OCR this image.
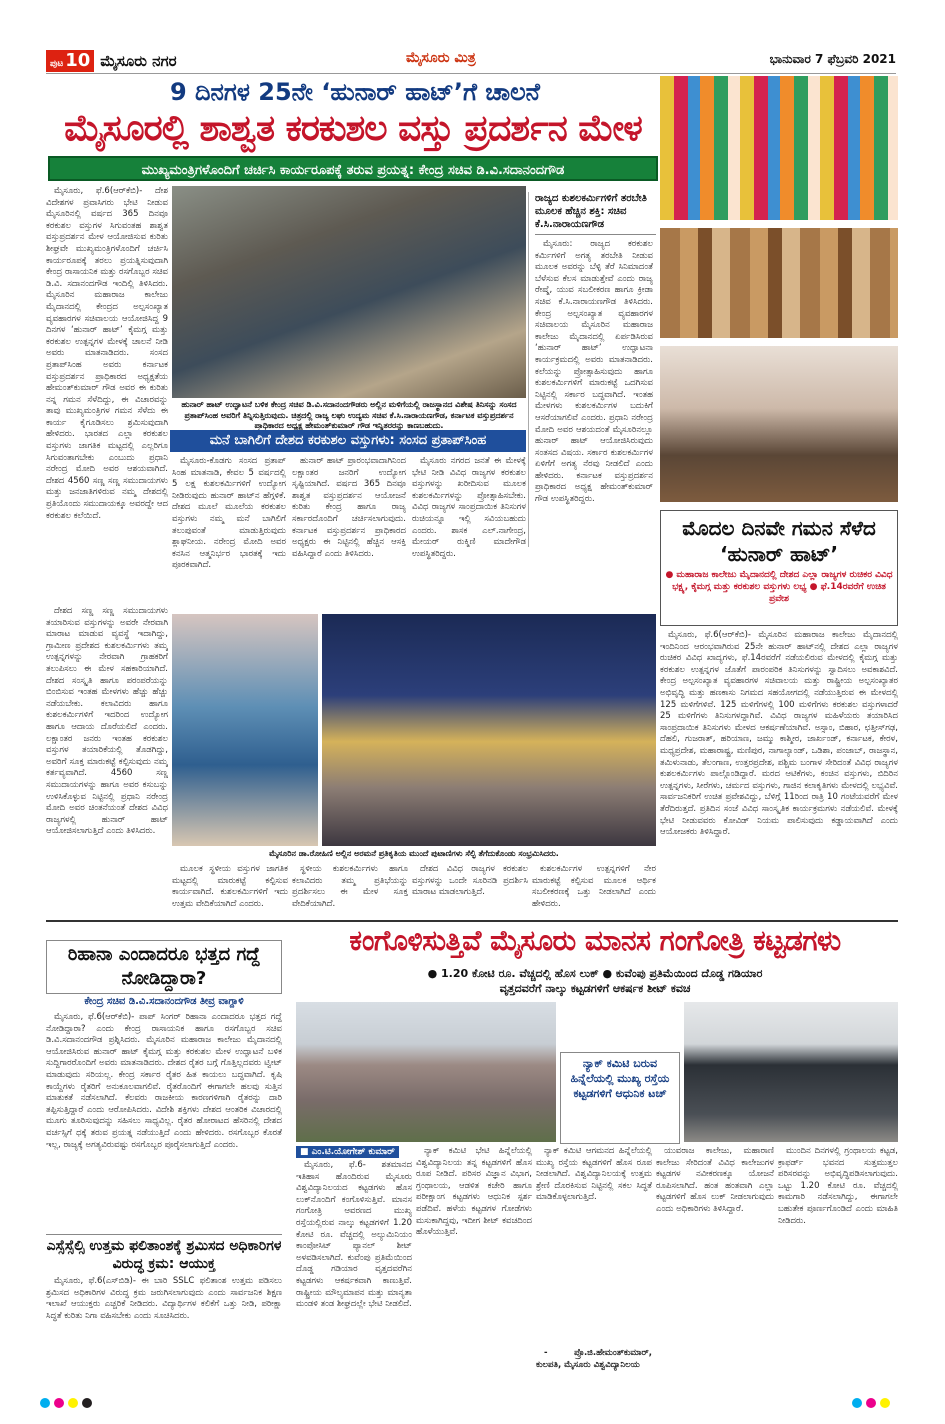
ಪುಟ 10 ಮೈಸೂರು ನಗರ	ಮೈಸೂರು ಮಿತ್ರ	ಭಾನುವಾರ 7 ಫೆಬ್ರವರಿ 2021
9 ದಿನಗಳ 25ನೇ ‘ಹುನಾರ್ ಹಾಟ್’ಗೆ ಚಾಲನೆ
ಮೈಸೂರಲ್ಲಿ ಶಾಶ್ವತ ಕರಕುಶಲ ವಸ್ತು ಪ್ರದರ್ಶನ ಮೇಳ
ಮುಖ್ಯಮಂತ್ರಿಗಳೊಂದಿಗೆ ಚರ್ಚಿಸಿ ಕಾರ್ಯರೂಪಕ್ಕೆ ತರುವ ಪ್ರಯತ್ನ: ಕೇಂದ್ರ ಸಚಿವ ಡಿ.ವಿ.ಸದಾನಂದಗೌಡ

ಮೈಸೂರು, ಫೆ.6(ಆರ್‌ಕೆಬಿ)- ದೇಶ ವಿದೇಶಗಳ ಪ್ರವಾಸಿಗರು ಭೇಟಿ ನೀಡುವ ಮೈಸೂರಿನಲ್ಲಿ ವರ್ಷದ 365 ದಿನವೂ ಕರಕುಶಲ ವಸ್ತುಗಳ ಸಿಗುವಂತಹ ಶಾಶ್ವತ ವಸ್ತುಪ್ರದರ್ಶನ ಮೇಳ ಆಯೋಜಿಸುವ ಕುರಿತು ಶೀಘ್ರವೇ ಮುಖ್ಯಮಂತ್ರಿಗಳೊಂದಿಗೆ ಚರ್ಚಿಸಿ ಕಾರ್ಯರೂಪಕ್ಕೆ ತರಲು ಪ್ರಯತ್ನಿಸುವುದಾಗಿ ಕೇಂದ್ರ ರಾಸಾಯನಿಕ ಮತ್ತು ರಸಗೊಬ್ಬರ ಸಚಿವ ಡಿ.ವಿ. ಸದಾನಂದಗೌಡ ಇಂದಿಲ್ಲಿ ತಿಳಿಸಿದರು. ಮೈಸೂರಿನ ಮಹಾರಾಜ ಕಾಲೇಜು ಮೈದಾನದಲ್ಲಿ ಕೇಂದ್ರದ ಅಲ್ಪಸಂಖ್ಯಾತ ವ್ಯವಹಾರಗಳ ಸಚಿವಾಲಯ ಆಯೋಜಿಸಿದ್ದ 9 ದಿನಗಳ ‘ಹುನಾರ್ ಹಾಟ್’ ಕೈಮಗ್ಗ ಮತ್ತು ಕರಕುಶಲ ಉತ್ಪನ್ನಗಳ ಮೇಳಕ್ಕೆ ಚಾಲನೆ ನೀಡಿ ಅವರು ಮಾತನಾಡಿದರು. ಸಂಸದ ಪ್ರತಾಪ್‌ಸಿಂಹ ಅವರು ಕರ್ನಾಟಕ ವಸ್ತುಪ್ರದರ್ಶನ ಪ್ರಾಧಿಕಾರದ ಅಧ್ಯಕ್ಷತೆಯ ಹೇಮಂತ್‌ಕುಮಾರ್ ಗೌಡ ಅವರ ಈ ಕುರಿತು ನನ್ನ ಗಮನ ಸೆಳೆದಿದ್ದು, ಈ ವಿಚಾರವನ್ನು ತಾವು ಮುಖ್ಯಮಂತ್ರಿಗಳ ಗಮನ ಸೆಳೆದು ಈ ಕಾರ್ಯ ಕೈಗೂಡಿಸಲು ಶ್ರಮಿಸುವುದಾಗಿ ಹೇಳಿದರು. ಭಾರತದ ಎಲ್ಲಾ ಕರಕುಶಲ ವಸ್ತುಗಳು ಜಾಗತಿಕ ಮಟ್ಟದಲ್ಲಿ ಎಲ್ಲರಿಗೂ ಸಿಗುವಂತಾಗಬೇಕು ಎಂಬುದು ಪ್ರಧಾನಿ ನರೇಂದ್ರ ಮೋದಿ ಅವರ ಆಶಯವಾಗಿದೆ. ದೇಶದ 4560 ಸಣ್ಣ ಸಣ್ಣ ಸಮುದಾಯಗಳು ಮತ್ತು ಜನಜಾತಿಗಳಿರುವ ನಮ್ಮ ದೇಶದಲ್ಲಿ ಪ್ರತಿಯೊಂದು ಸಮುದಾಯಕ್ಕೂ ಅವರದ್ದೇ ಆದ ಕರಕುಶಲ ಕಲೆಯಿದೆ.

ದೇಶದ ಸಣ್ಣ ಸಣ್ಣ ಸಮುದಾಯಗಳು ತಯಾರಿಸುವ ವಸ್ತುಗಳನ್ನು ಅವರೇ ನೇರವಾಗಿ ಮಾರಾಟ ಮಾಡುವ ವ್ಯವಸ್ಥೆ ಇದಾಗಿದ್ದು, ಗ್ರಾಮೀಣ ಪ್ರದೇಶದ ಕುಶಲಕರ್ಮಿಗಳು ತಮ್ಮ ಉತ್ಪನ್ನಗಳನ್ನು ನೇರವಾಗಿ ಗ್ರಾಹಕರಿಗೆ ತಲುಪಿಸಲು ಈ ಮೇಳ ಸಹಕಾರಿಯಾಗಿದೆ. ದೇಶದ ಸಂಸ್ಕೃತಿ ಹಾಗೂ ಪರಂಪರೆಯನ್ನು ಬಿಂಬಿಸುವ ಇಂತಹ ಮೇಳಗಳು ಹೆಚ್ಚು ಹೆಚ್ಚು ನಡೆಯಬೇಕು. ಕಲಾವಿದರು ಹಾಗೂ ಕುಶಲಕರ್ಮಿಗಳಿಗೆ ಇದರಿಂದ ಉದ್ಯೋಗ ಹಾಗೂ ಆದಾಯ ದೊರೆಯಲಿದೆ ಎಂದರು. ಲಕ್ಷಾಂತರ ಜನರು ಇಂತಹ ಕರಕುಶಲ ವಸ್ತುಗಳ ತಯಾರಿಕೆಯಲ್ಲಿ ತೊಡಗಿದ್ದು, ಅವರಿಗೆ ಸೂಕ್ತ ಮಾರುಕಟ್ಟೆ ಕಲ್ಪಿಸುವುದು ನಮ್ಮ ಕರ್ತವ್ಯವಾಗಿದೆ. 4560 ಸಣ್ಣ ಸಮುದಾಯಗಳನ್ನು ಹಾಗೂ ಅವರ ಕಸುಬನ್ನು ಉಳಿಸಿಕೊಳ್ಳುವ ನಿಟ್ಟಿನಲ್ಲಿ ಪ್ರಧಾನಿ ನರೇಂದ್ರ ಮೋದಿ ಅವರ ಚಿಂತನೆಯಂತೆ ದೇಶದ ವಿವಿಧ ರಾಜ್ಯಗಳಲ್ಲಿ ಹುನಾರ್ ಹಾಟ್ ಆಯೋಜಿಸಲಾಗುತ್ತಿದೆ ಎಂದು ತಿಳಿಸಿದರು.

ಹುನಾರ್ ಹಾಟ್ ಉದ್ಘಾಟನೆ ಬಳಿಕ ಕೇಂದ್ರ ಸಚಿವ ಡಿ.ವಿ.ಸದಾನಂದಗೌಡರು ಅಲ್ಲಿನ ಮಳಿಗೆಯಲ್ಲಿ ರಾಜಸ್ಥಾನದ ವಿಶೇಷ ತಿನಿಸನ್ನು ಸಂಸದ ಪ್ರತಾಪ್‌ಸಿಂಹ ಅವರಿಗೆ ತಿನ್ನಿಸುತ್ತಿರುವುದು. ಚಿತ್ರದಲ್ಲಿ ರಾಜ್ಯ ಲಘು ಉದ್ಯಮ ಸಚಿವ ಕೆ.ಸಿ.ನಾರಾಯಣಗೌಡ, ಕರ್ನಾಟಕ ವಸ್ತುಪ್ರದರ್ಶನ ಪ್ರಾಧಿಕಾರದ ಅಧ್ಯಕ್ಷ ಹೇಮಂತ್‌ಕುಮಾರ್ ಗೌಡ ಇನ್ನಿತರರನ್ನು ಕಾಣಬಹುದು.
ರಾಜ್ಯದ ಕುಶಲಕರ್ಮಿಗಳಿಗೆ ತರಬೇತಿ ಮೂಲಕ ಹೆಚ್ಚಿನ ಶಕ್ತಿ: ಸಚಿವ ಕೆ.ಸಿ.ನಾರಾಯಣಗೌಡ

ಮೈಸೂರು: ರಾಜ್ಯದ ಕರಕುಶಲ ಕರ್ಮಿಗಳಿಗೆ ಅಗತ್ಯ ತರಬೇತಿ ನೀಡುವ ಮೂಲಕ ಅವರನ್ನು ಬೆಳ್ಳಿ ತೆರೆ ಸಿನಿಮಾದಂತೆ ಬೆಳೆಸುವ ಕೆಲಸ ಮಾಡುತ್ತೇವೆ ಎಂದು ರಾಜ್ಯ ರೇಷ್ಮೆ, ಯುವ ಸಬಲೀಕರಣ ಹಾಗೂ ಕ್ರೀಡಾ ಸಚಿವ ಕೆ.ಸಿ.ನಾರಾಯಣಗೌಡ ತಿಳಿಸಿದರು. ಕೇಂದ್ರ ಅಲ್ಪಸಂಖ್ಯಾತ ವ್ಯವಹಾರಗಳ ಸಚಿವಾಲಯ ಮೈಸೂರಿನ ಮಹಾರಾಜ ಕಾಲೇಜು ಮೈದಾನದಲ್ಲಿ ಏರ್ಪಡಿಸಿರುವ ‘ಹುನಾರ್ ಹಾಟ್’ ಉದ್ಘಾಟನಾ ಕಾರ್ಯಕ್ರಮದಲ್ಲಿ ಅವರು ಮಾತನಾಡಿದರು. ಕಲೆಯನ್ನು ಪ್ರೋತ್ಸಾಹಿಸುವುದು ಹಾಗೂ ಕುಶಲಕರ್ಮಿಗಳಿಗೆ ಮಾರುಕಟ್ಟೆ ಒದಗಿಸುವ ನಿಟ್ಟಿನಲ್ಲಿ ಸರ್ಕಾರ ಬದ್ಧವಾಗಿದೆ. ಇಂತಹ ಮೇಳಗಳು ಕುಶಲಕರ್ಮಿಗಳ ಬದುಕಿಗೆ ಆಸರೆಯಾಗಲಿವೆ ಎಂದರು. ಪ್ರಧಾನಿ ನರೇಂದ್ರ ಮೋದಿ ಅವರ ಆಶಯದಂತೆ ಮೈಸೂರಿನಲ್ಲೂ ಹುನಾರ್ ಹಾಟ್ ಆಯೋಜಿಸಿರುವುದು ಸಂತಸದ ವಿಷಯ. ಸರ್ಕಾರ ಕುಶಲಕರ್ಮಿಗಳ ಏಳಿಗೆಗೆ ಅಗತ್ಯ ನೆರವು ನೀಡಲಿದೆ ಎಂದು ಹೇಳಿದರು. ಕರ್ನಾಟಕ ವಸ್ತುಪ್ರದರ್ಶನ ಪ್ರಾಧಿಕಾರದ ಅಧ್ಯಕ್ಷ ಹೇಮಂತ್‌ಕುಮಾರ್ ಗೌಡ ಉಪಸ್ಥಿತರಿದ್ದರು.

ಮನೆ ಬಾಗಿಲಿಗೆ ದೇಶದ ಕರಕುಶಲ ವಸ್ತುಗಳು: ಸಂಸದ ಪ್ರತಾಪ್‌ಸಿಂಹ

ಮೈಸೂರು-ಕೊಡಗು ಸಂಸದ ಪ್ರತಾಪ್ ಸಿಂಹ ಮಾತನಾಡಿ, ಕೇವಲ 5 ವರ್ಷದಲ್ಲಿ 5 ಲಕ್ಷ ಕುಶಲಕರ್ಮಿಗಳಿಗೆ ಉದ್ಯೋಗ ನೀಡಿರುವುದು ಹುನಾರ್ ಹಾಟ್‌ನ ಹೆಗ್ಗಳಿಕೆ. ದೇಶದ ಮೂಲೆ ಮೂಲೆಯ ಕರಕುಶಲ ವಸ್ತುಗಳು ನಮ್ಮ ಮನೆ ಬಾಗಿಲಿಗೆ ತಲುಪುವಂತೆ ಮಾಡುತ್ತಿರುವುದು ಶ್ಲಾಘನೀಯ. ನರೇಂದ್ರ ಮೋದಿ ಅವರ ಕನಸಿನ ಆತ್ಮನಿರ್ಭರ ಭಾರತಕ್ಕೆ ಇದು ಪೂರಕವಾಗಿದೆ.

ಹುನಾರ್ ಹಾಟ್ ಪ್ರಾರಂಭವಾದಾಗಿನಿಂದ ಲಕ್ಷಾಂತರ ಜನರಿಗೆ ಉದ್ಯೋಗ ಸೃಷ್ಟಿಯಾಗಿದೆ. ವರ್ಷದ 365 ದಿನವೂ ಶಾಶ್ವತ ವಸ್ತುಪ್ರದರ್ಶನ ಆಯೋಜನೆ ಕುರಿತು ಕೇಂದ್ರ ಹಾಗೂ ರಾಜ್ಯ ಸರ್ಕಾರದೊಂದಿಗೆ ಚರ್ಚಿಸಲಾಗುವುದು. ಕರ್ನಾಟಕ ವಸ್ತುಪ್ರದರ್ಶನ ಪ್ರಾಧಿಕಾರದ ಅಧ್ಯಕ್ಷರು ಈ ನಿಟ್ಟಿನಲ್ಲಿ ಹೆಚ್ಚಿನ ಆಸಕ್ತಿ ವಹಿಸಿದ್ದಾರೆ ಎಂದು ತಿಳಿಸಿದರು.

ಮೈಸೂರು ನಗರದ ಜನತೆ ಈ ಮೇಳಕ್ಕೆ ಭೇಟಿ ನೀಡಿ ವಿವಿಧ ರಾಜ್ಯಗಳ ಕರಕುಶಲ ವಸ್ತುಗಳನ್ನು ಖರೀದಿಸುವ ಮೂಲಕ ಕುಶಲಕರ್ಮಿಗಳನ್ನು ಪ್ರೋತ್ಸಾಹಿಸಬೇಕು. ವಿವಿಧ ರಾಜ್ಯಗಳ ಸಾಂಪ್ರದಾಯಿಕ ತಿನಿಸುಗಳ ರುಚಿಯನ್ನೂ ಇಲ್ಲಿ ಸವಿಯಬಹುದು ಎಂದರು. ಶಾಸಕ ಎಲ್.ನಾಗೇಂದ್ರ, ಮೇಯರ್ ರುಕ್ಮಿಣಿ ಮಾದೇಗೌಡ ಉಪಸ್ಥಿತರಿದ್ದರು.

ಮೈಸೂರಿನ ಡಾ.ರೋಹಿಣಿ ಅಲ್ಲಿನ ಅರಮನೆ ಪ್ರತಿಕೃತಿಯ ಮುಂದೆ ಪುಟಾಣಿಗಳು ಸೆಲ್ಫಿ ತೆಗೆದುಕೊಂಡು ಸಂಭ್ರಮಿಸಿದರು.

ಮೂಲಕ ಸ್ಥಳೀಯ ವಸ್ತುಗಳ ಜಾಗತಿಕ ಮಟ್ಟದಲ್ಲಿ ಮಾರುಕಟ್ಟೆ ಕಲ್ಪಿಸುವ ಕಾರ್ಯವಾಗಿದೆ. ಕುಶಲಕರ್ಮಿಗಳಿಗೆ ಇದು ಉತ್ತಮ ವೇದಿಕೆಯಾಗಿದೆ ಎಂದರು.

ಸ್ಥಳೀಯ ಕುಶಲಕರ್ಮಿಗಳು ಹಾಗೂ ಕಲಾವಿದರು ತಮ್ಮ ಪ್ರತಿಭೆಯನ್ನು ಪ್ರದರ್ಶಿಸಲು ಈ ಮೇಳ ಸೂಕ್ತ ವೇದಿಕೆಯಾಗಿದೆ.

ದೇಶದ ವಿವಿಧ ರಾಜ್ಯಗಳ ಕರಕುಶಲ ವಸ್ತುಗಳನ್ನು ಒಂದೇ ಸೂರಿನಡಿ ಪ್ರದರ್ಶಿಸಿ ಮಾರಾಟ ಮಾಡಲಾಗುತ್ತಿದೆ.

ಕುಶಲಕರ್ಮಿಗಳ ಉತ್ಪನ್ನಗಳಿಗೆ ನೇರ ಮಾರುಕಟ್ಟೆ ಕಲ್ಪಿಸುವ ಮೂಲಕ ಆರ್ಥಿಕ ಸಬಲೀಕರಣಕ್ಕೆ ಒತ್ತು ನೀಡಲಾಗಿದೆ ಎಂದು ಹೇಳಿದರು.

ಮೊದಲ ದಿನವೇ ಗಮನ ಸೆಳೆದ ‘ಹುನಾರ್ ಹಾಟ್’
● ಮಹಾರಾಜ ಕಾಲೇಜು ಮೈದಾನದಲ್ಲಿ ದೇಶದ ಎಲ್ಲಾ ರಾಜ್ಯಗಳ ರುಚಿಕರ ವಿವಿಧ ಭಕ್ಷ್ಯ, ಕೈಮಗ್ಗ ಮತ್ತು ಕರಕುಶಲ ವಸ್ತುಗಳು ಲಭ್ಯ ● ಫೆ.14ರವರೆಗೆ ಉಚಿತ ಪ್ರವೇಶ

ಮೈಸೂರು, ಫೆ.6(ಆರ್‌ಕೆಬಿ)- ಮೈಸೂರಿನ ಮಹಾರಾಜ ಕಾಲೇಜು ಮೈದಾನದಲ್ಲಿ ಇಂದಿನಿಂದ ಆರಂಭವಾಗಿರುವ 25ನೇ ಹುನಾರ್ ಹಾಟ್‌ನಲ್ಲಿ ದೇಶದ ಎಲ್ಲಾ ರಾಜ್ಯಗಳ ರುಚಿಕರ ವಿವಿಧ ಖಾದ್ಯಗಳು, ಫೆ.14ರವರೆಗೆ ನಡೆಯಲಿರುವ ಮೇಳದಲ್ಲಿ ಕೈಮಗ್ಗ ಮತ್ತು ಕರಕುಶಲ ಉತ್ಪನ್ನಗಳ ಜೊತೆಗೆ ಪಾರಂಪರಿಕ ತಿನಿಸುಗಳನ್ನು ಸ್ವಾದಿಸಲು ಅವಕಾಶವಿದೆ. ಕೇಂದ್ರ ಅಲ್ಪಸಂಖ್ಯಾತ ವ್ಯವಹಾರಗಳ ಸಚಿವಾಲಯ ಮತ್ತು ರಾಷ್ಟ್ರೀಯ ಅಲ್ಪಸಂಖ್ಯಾತರ ಅಭಿವೃದ್ಧಿ ಮತ್ತು ಹಣಕಾಸು ನಿಗಮದ ಸಹಯೋಗದಲ್ಲಿ ನಡೆಯುತ್ತಿರುವ ಈ ಮೇಳದಲ್ಲಿ 125 ಮಳಿಗೆಗಳಿವೆ. 125 ಮಳಿಗೆಗಳಲ್ಲಿ 100 ಮಳಿಗೆಗಳು ಕರಕುಶಲ ವಸ್ತುಗಳಾದರೆ 25 ಮಳಿಗೆಗಳು ತಿನಿಸುಗಳದ್ದಾಗಿವೆ. ವಿವಿಧ ರಾಜ್ಯಗಳ ಮಹಿಳೆಯರು ತಯಾರಿಸಿದ ಸಾಂಪ್ರದಾಯಿಕ ತಿನಿಸುಗಳು ಮೇಳದ ಆಕರ್ಷಣೆಯಾಗಿವೆ. ಅಸ್ಸಾಂ, ಬಿಹಾರ, ಛತ್ತೀಸ್‌ಗಢ, ದೆಹಲಿ, ಗುಜರಾತ್, ಹರಿಯಾಣ, ಜಮ್ಮು ಕಾಶ್ಮೀರ, ಜಾರ್ಖಂಡ್, ಕರ್ನಾಟಕ, ಕೇರಳ, ಮಧ್ಯಪ್ರದೇಶ, ಮಹಾರಾಷ್ಟ್ರ, ಮಣಿಪುರ, ನಾಗಾಲ್ಯಾಂಡ್, ಒಡಿಶಾ, ಪಂಜಾಬ್, ರಾಜಸ್ಥಾನ, ತಮಿಳುನಾಡು, ತೆಲಂಗಾಣ, ಉತ್ತರಪ್ರದೇಶ, ಪಶ್ಚಿಮ ಬಂಗಾಳ ಸೇರಿದಂತೆ ವಿವಿಧ ರಾಜ್ಯಗಳ ಕುಶಲಕರ್ಮಿಗಳು ಪಾಲ್ಗೊಂಡಿದ್ದಾರೆ. ಮರದ ಆಟಿಕೆಗಳು, ಕಂಚಿನ ವಸ್ತುಗಳು, ಬಿದಿರಿನ ಉತ್ಪನ್ನಗಳು, ಸೀರೆಗಳು, ಚರ್ಮದ ವಸ್ತುಗಳು, ಗಾಜಿನ ಕಲಾಕೃತಿಗಳು ಮೇಳದಲ್ಲಿ ಲಭ್ಯವಿವೆ. ಸಾರ್ವಜನಿಕರಿಗೆ ಉಚಿತ ಪ್ರವೇಶವಿದ್ದು, ಬೆಳಿಗ್ಗೆ 11ರಿಂದ ರಾತ್ರಿ 10 ಗಂಟೆಯವರೆಗೆ ಮೇಳ ತೆರೆದಿರುತ್ತದೆ. ಪ್ರತಿದಿನ ಸಂಜೆ ವಿವಿಧ ಸಾಂಸ್ಕೃತಿಕ ಕಾರ್ಯಕ್ರಮಗಳು ನಡೆಯಲಿವೆ. ಮೇಳಕ್ಕೆ ಭೇಟಿ ನೀಡುವವರು ಕೋವಿಡ್ ನಿಯಮ ಪಾಲಿಸುವುದು ಕಡ್ಡಾಯವಾಗಿದೆ ಎಂದು ಆಯೋಜಕರು ತಿಳಿಸಿದ್ದಾರೆ.

ರಿಹಾನಾ ಎಂದಾದರೂ ಭತ್ತದ ಗದ್ದೆ ನೋಡಿದ್ದಾರಾ?
ಕೇಂದ್ರ ಸಚಿವ ಡಿ.ವಿ.ಸದಾನಂದಗೌಡ ತೀವ್ರ ವಾಗ್ದಾಳಿ

ಮೈಸೂರು, ಫೆ.6(ಆರ್‌ಕೆಬಿ)- ಪಾಪ್ ಸಿಂಗರ್ ರಿಹಾನಾ ಎಂದಾದರೂ ಭತ್ತದ ಗದ್ದೆ ನೋಡಿದ್ದಾರಾ? ಎಂದು ಕೇಂದ್ರ ರಾಸಾಯನಿಕ ಹಾಗೂ ರಸಗೊಬ್ಬರ ಸಚಿವ ಡಿ.ವಿ.ಸದಾನಂದಗೌಡ ಪ್ರಶ್ನಿಸಿದರು. ಮೈಸೂರಿನ ಮಹಾರಾಜ ಕಾಲೇಜು ಮೈದಾನದಲ್ಲಿ ಆಯೋಜಿಸಿರುವ ಹುನಾರ್ ಹಾಟ್ ಕೈಮಗ್ಗ ಮತ್ತು ಕರಕುಶಲ ಮೇಳ ಉದ್ಘಾಟನೆ ಬಳಿಕ ಸುದ್ದಿಗಾರರೊಂದಿಗೆ ಅವರು ಮಾತನಾಡಿದರು. ದೇಶದ ರೈತರ ಬಗ್ಗೆ ಗೊತ್ತಿಲ್ಲದವರು ಟ್ವೀಟ್ ಮಾಡುವುದು ಸರಿಯಲ್ಲ. ಕೇಂದ್ರ ಸರ್ಕಾರ ರೈತರ ಹಿತ ಕಾಯಲು ಬದ್ಧವಾಗಿದೆ. ಕೃಷಿ ಕಾಯ್ದೆಗಳು ರೈತರಿಗೆ ಅನುಕೂಲವಾಗಲಿವೆ. ರೈತರೊಂದಿಗೆ ಈಗಾಗಲೇ ಹಲವು ಸುತ್ತಿನ ಮಾತುಕತೆ ನಡೆಸಲಾಗಿದೆ. ಕೆಲವರು ರಾಜಕೀಯ ಕಾರಣಗಳಿಗಾಗಿ ರೈತರನ್ನು ದಾರಿ ತಪ್ಪಿಸುತ್ತಿದ್ದಾರೆ ಎಂದು ಆರೋಪಿಸಿದರು. ವಿದೇಶಿ ಶಕ್ತಿಗಳು ದೇಶದ ಆಂತರಿಕ ವಿಚಾರದಲ್ಲಿ ಮೂಗು ತೂರಿಸುವುದನ್ನು ಸಹಿಸಲು ಸಾಧ್ಯವಿಲ್ಲ. ರೈತರ ಹೋರಾಟದ ಹೆಸರಿನಲ್ಲಿ ದೇಶದ ವರ್ಚಸ್ಸಿಗೆ ಧಕ್ಕೆ ತರುವ ಪ್ರಯತ್ನ ನಡೆಯುತ್ತಿದೆ ಎಂದು ಹೇಳಿದರು. ರಸಗೊಬ್ಬರ ಕೊರತೆ ಇಲ್ಲ, ರಾಜ್ಯಕ್ಕೆ ಅಗತ್ಯವಿರುವಷ್ಟು ರಸಗೊಬ್ಬರ ಪೂರೈಸಲಾಗುತ್ತಿದೆ ಎಂದರು.

ಎಸ್ಸೆಸ್ಸೆಲ್ಸಿ ಉತ್ತಮ ಫಲಿತಾಂಶಕ್ಕೆ ಶ್ರಮಿಸದ ಅಧಿಕಾರಿಗಳ ವಿರುದ್ಧ ಕ್ರಮ: ಆಯುಕ್ತ

ಮೈಸೂರು, ಫೆ.6(ಎಸ್‌ಬಿಡಿ)- ಈ ಬಾರಿ SSLC ಫಲಿತಾಂಶ ಉತ್ತಮ ಪಡಿಸಲು ಶ್ರಮಿಸದ ಅಧಿಕಾರಿಗಳ ವಿರುದ್ಧ ಕ್ರಮ ಜರುಗಿಸಲಾಗುವುದು ಎಂದು ಸಾರ್ವಜನಿಕ ಶಿಕ್ಷಣ ಇಲಾಖೆ ಆಯುಕ್ತರು ಎಚ್ಚರಿಕೆ ನೀಡಿದರು. ವಿದ್ಯಾರ್ಥಿಗಳ ಕಲಿಕೆಗೆ ಒತ್ತು ನೀಡಿ, ಪರೀಕ್ಷಾ ಸಿದ್ಧತೆ ಕುರಿತು ನಿಗಾ ವಹಿಸಬೇಕು ಎಂದು ಸೂಚಿಸಿದರು.

ಕಂಗೊಳಿಸುತ್ತಿವೆ ಮೈಸೂರು ಮಾನಸ ಗಂಗೋತ್ರಿ ಕಟ್ಟಡಗಳು
● 1.20 ಕೋಟಿ ರೂ. ವೆಚ್ಚದಲ್ಲಿ ಹೊಸ ಲುಕ್ ● ಕುವೆಂಪು ಪ್ರತಿಮೆಯಿಂದ ದೊಡ್ಡ ಗಡಿಯಾರ
ವೃತ್ತದವರೆಗೆ ನಾಲ್ಕು ಕಟ್ಟಡಗಳಿಗೆ ಆಕರ್ಷಕ ಶೀಟ್ ಕವಚ
ನ್ಯಾಕ್ ಕಮಿಟಿ ಬರುವ ಹಿನ್ನೆಲೆಯಲ್ಲಿ ಮುಖ್ಯ ರಸ್ತೆಯ ಕಟ್ಟಡಗಳಿಗೆ ಆಧುನಿಕ ಟಚ್
■ ಎಂ.ಟಿ.ಯೋಗೇಶ್ ಕುಮಾರ್

ಮೈಸೂರು, ಫೆ.6- ಶತಮಾನದ ಇತಿಹಾಸ ಹೊಂದಿರುವ ಮೈಸೂರು ವಿಶ್ವವಿದ್ಯಾನಿಲಯದ ಕಟ್ಟಡಗಳು ಹೊಸ ಲುಕ್‌ನೊಂದಿಗೆ ಕಂಗೊಳಿಸುತ್ತಿವೆ. ಮಾನಸ ಗಂಗೋತ್ರಿ ಆವರಣದ ಮುಖ್ಯ ರಸ್ತೆಯಲ್ಲಿರುವ ನಾಲ್ಕು ಕಟ್ಟಡಗಳಿಗೆ 1.20 ಕೋಟಿ ರೂ. ವೆಚ್ಚದಲ್ಲಿ ಅಲ್ಯುಮಿನಿಯಂ ಕಾಂಪೋಸಿಟ್ ಪ್ಯಾನಲ್ ಶೀಟ್ ಅಳವಡಿಸಲಾಗಿದೆ. ಕುವೆಂಪು ಪ್ರತಿಮೆಯಿಂದ ದೊಡ್ಡ ಗಡಿಯಾರ ವೃತ್ತದವರೆಗಿನ ಕಟ್ಟಡಗಳು ಆಕರ್ಷಕವಾಗಿ ಕಾಣುತ್ತಿವೆ. ರಾಷ್ಟ್ರೀಯ ಮೌಲ್ಯಮಾಪನ ಮತ್ತು ಮಾನ್ಯತಾ ಮಂಡಳಿ ತಂಡ ಶೀಘ್ರದಲ್ಲೇ ಭೇಟಿ ನೀಡಲಿದೆ.

ನ್ಯಾಕ್ ಕಮಿಟಿ ಭೇಟಿ ಹಿನ್ನೆಲೆಯಲ್ಲಿ ವಿಶ್ವವಿದ್ಯಾನಿಲಯ ತನ್ನ ಕಟ್ಟಡಗಳಿಗೆ ಹೊಸ ರೂಪ ನೀಡಿದೆ. ಪರಿಸರ ವಿಜ್ಞಾನ ವಿಭಾಗ, ಗ್ರಂಥಾಲಯ, ಆಡಳಿತ ಕಚೇರಿ ಹಾಗೂ ಪರೀಕ್ಷಾಂಗ ಕಟ್ಟಡಗಳು ಆಧುನಿಕ ಸ್ಪರ್ಶ ಪಡೆದಿವೆ. ಹಳೆಯ ಕಟ್ಟಡಗಳ ಗೋಡೆಗಳು ಮಸುಕಾಗಿದ್ದವು, ಇದೀಗ ಶೀಟ್ ಕವಚದಿಂದ ಹೊಳೆಯುತ್ತಿವೆ.

ನ್ಯಾಕ್ ಕಮಿಟಿ ಆಗಮನದ ಹಿನ್ನೆಲೆಯಲ್ಲಿ ಮುಖ್ಯ ರಸ್ತೆಯ ಕಟ್ಟಡಗಳಿಗೆ ಹೊಸ ರೂಪ ನೀಡಲಾಗಿದೆ. ವಿಶ್ವವಿದ್ಯಾನಿಲಯಕ್ಕೆ ಉತ್ತಮ ಶ್ರೇಣಿ ದೊರಕಿಸುವ ನಿಟ್ಟಿನಲ್ಲಿ ಸಕಲ ಸಿದ್ಧತೆ ಮಾಡಿಕೊಳ್ಳಲಾಗುತ್ತಿದೆ.

- ಪ್ರೊ.ಜಿ.ಹೇಮಂತ್‌ಕುಮಾರ್, ಕುಲಪತಿ, ಮೈಸೂರು ವಿಶ್ವವಿದ್ಯಾನಿಲಯ

ಯುವರಾಜ ಕಾಲೇಜು, ಮಹಾರಾಣಿ ಕಾಲೇಜು ಸೇರಿದಂತೆ ವಿವಿಧ ಕಾಲೇಜುಗಳ ಕಟ್ಟಡಗಳ ನವೀಕರಣಕ್ಕೂ ಯೋಜನೆ ರೂಪಿಸಲಾಗಿದೆ. ಹಂತ ಹಂತವಾಗಿ ಎಲ್ಲಾ ಕಟ್ಟಡಗಳಿಗೆ ಹೊಸ ಲುಕ್ ನೀಡಲಾಗುವುದು ಎಂದು ಅಧಿಕಾರಿಗಳು ತಿಳಿಸಿದ್ದಾರೆ.

ಮುಂದಿನ ದಿನಗಳಲ್ಲಿ ಗ್ರಂಥಾಲಯ ಕಟ್ಟಡ, ಕ್ರಾಫರ್ಡ್ ಭವನದ ಸುತ್ತಮುತ್ತಲ ಪರಿಸರವನ್ನು ಅಭಿವೃದ್ಧಿಪಡಿಸಲಾಗುವುದು. ಒಟ್ಟು 1.20 ಕೋಟಿ ರೂ. ವೆಚ್ಚದಲ್ಲಿ ಕಾಮಗಾರಿ ನಡೆಸಲಾಗಿದ್ದು, ಈಗಾಗಲೇ ಬಹುತೇಕ ಪೂರ್ಣಗೊಂಡಿದೆ ಎಂದು ಮಾಹಿತಿ ನೀಡಿದರು.
